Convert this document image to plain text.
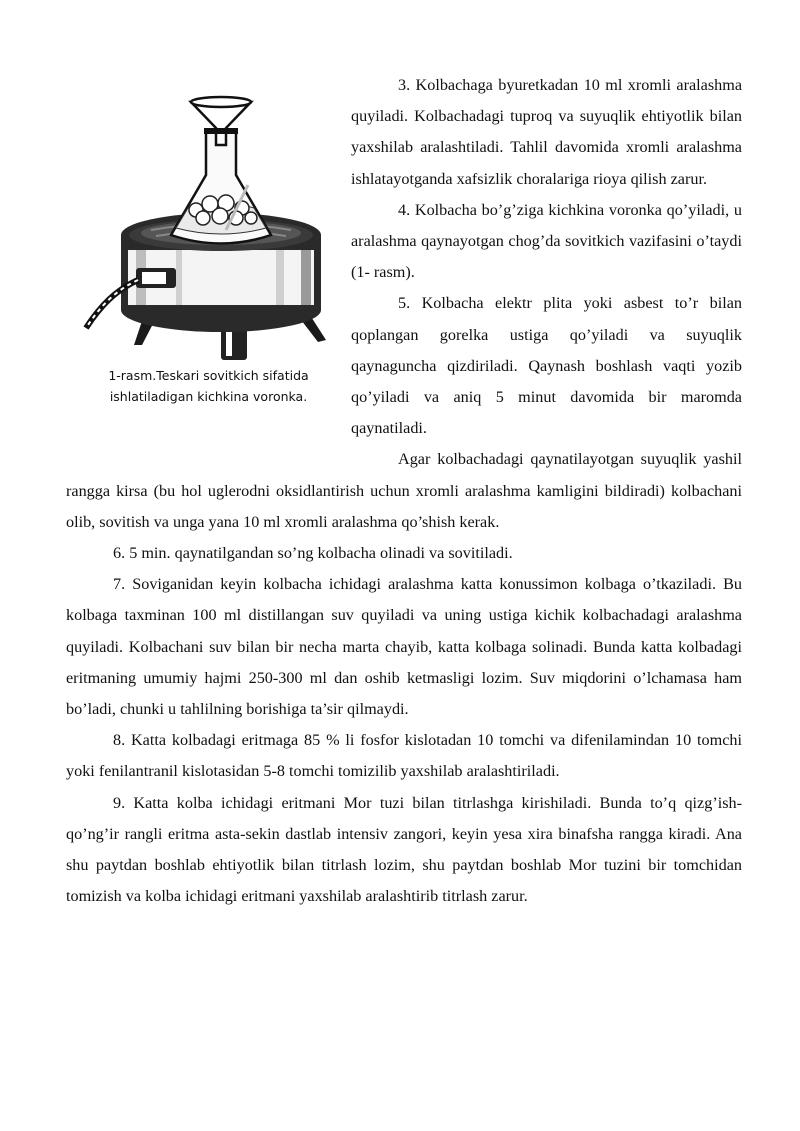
1-rasm.Teskari sovitkich sifatida
ishlatiladigan kichkina voronka.

3. Kolbachaga byuretkadan 10 ml xromli aralashma quyiladi. Kolbachadagi tuproq va suyuqlik ehtiyotlik bilan yaxshilab aralashtiladi. Tahlil davomida xromli aralashma ishlatayotganda xafsizlik choralariga rioya qilish zarur.

4. Kolbacha bo’g’ziga kichkina voronka qo’yiladi, u aralashma qaynayotgan chog’da sovitkich vazifasini o’taydi (1- rasm).

5. Kolbacha elektr plita yoki asbest to’r bilan qoplangan gorelka ustiga qo’yiladi va suyuqlik qaynaguncha qizdiriladi. Qaynash boshlash vaqti yozib qo’yiladi va aniq 5 minut davomida bir maromda qaynatiladi.

Agar kolbachadagi qaynatilayotgan suyuqlik yashil rangga kirsa (bu hol uglerodni oksidlantirish uchun xromli aralashma kamligini bildiradi) kolbachani olib, sovitish va unga yana 10 ml xromli aralashma qo’shish kerak.

6. 5 min. qaynatilgandan so’ng kolbacha olinadi va sovitiladi.

7. Soviganidan keyin kolbacha ichidagi aralashma katta konussimon kolbaga o’tkaziladi. Bu kolbaga taxminan 100 ml distillangan suv quyiladi va uning ustiga kichik kolbachadagi aralashma quyiladi. Kolbachani suv bilan bir necha marta chayib, katta kolbaga solinadi. Bunda katta kolbadagi eritmaning umumiy hajmi 250-300 ml dan oshib ketmasligi lozim. Suv miqdorini o’lchamasa ham bo’ladi, chunki u tahlilning borishiga ta’sir qilmaydi.

8. Katta kolbadagi eritmaga 85 % li fosfor kislotadan 10 tomchi va difenilamindan 10 tomchi yoki fenilantranil kislotasidan 5-8 tomchi tomizilib yaxshilab aralashtiriladi.

9. Katta kolba ichidagi eritmani Mor tuzi bilan titrlashga kirishiladi. Bunda to’q qizg’ish-qo’ng’ir rangli eritma asta-sekin dastlab intensiv zangori, keyin yesa xira binafsha rangga kiradi. Ana shu paytdan boshlab ehtiyotlik bilan titrlash lozim, shu paytdan boshlab Mor tuzini bir tomchidan tomizish va kolba ichidagi eritmani yaxshilab aralashtirib titrlash zarur.
